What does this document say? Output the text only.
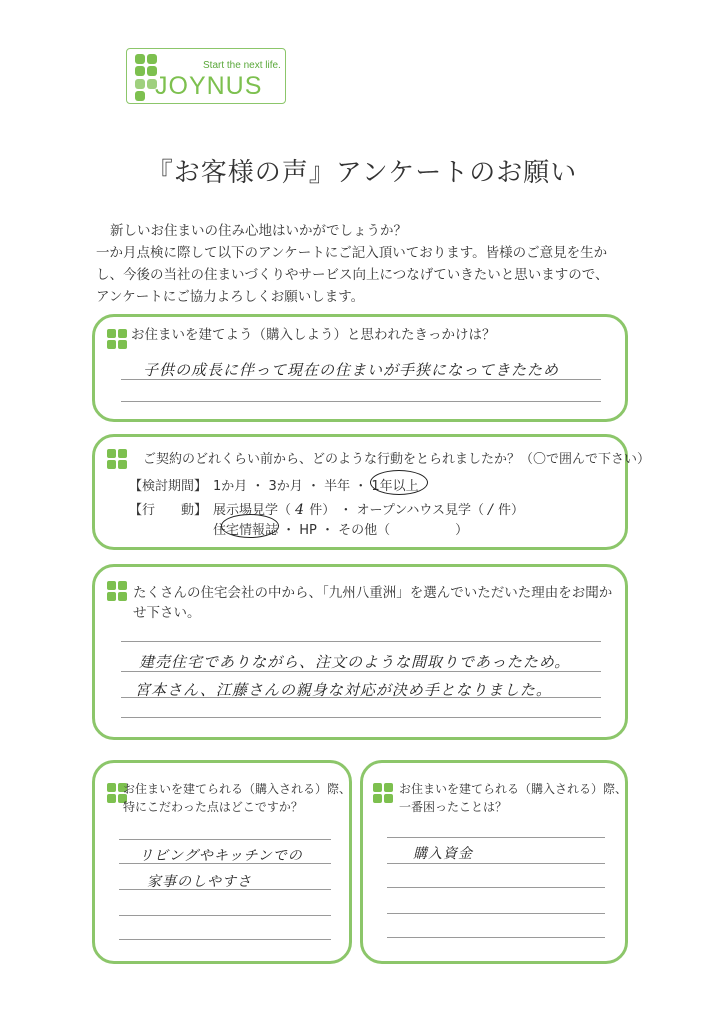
Start the next life.
JOYNUS
『お客様の声』アンケートのお願い
新しいお住まいの住み心地はいかがでしょうか？
一か月点検に際して以下のアンケートにご記入頂いております。皆様のご意見を生か
し、今後の当社の住まいづくりやサービス向上につなげていきたいと思いますので、
アンケートにご協力よろしくお願いします。
お住まいを建てよう（購入しよう）と思われたきっかけは？
子供の成長に伴って現在の住まいが手狭になってきたため
ご契約のどれくらい前から、どのような行動をとられましたか？（〇で囲んで下さい）
【検討期間】 1か月 ・ 3か月 ・ 半年 ・ 1年以上
【行　　動】 展示場見学（ 4 件） ・ オープンハウス見学（ / 件）
住宅情報誌 ・ HP ・ その他（　　　　　）
たくさんの住宅会社の中から、「九州八重洲」を選んでいただいた理由をお聞か
せ下さい。
建売住宅でありながら、注文のような間取りであったため。
宮本さん、江藤さんの親身な対応が決め手となりました。
お住まいを建てられる（購入される）際、
特にこだわった点はどこですか？
リビングやキッチンでの
家事のしやすさ
お住まいを建てられる（購入される）際、
一番困ったことは？
購入資金
